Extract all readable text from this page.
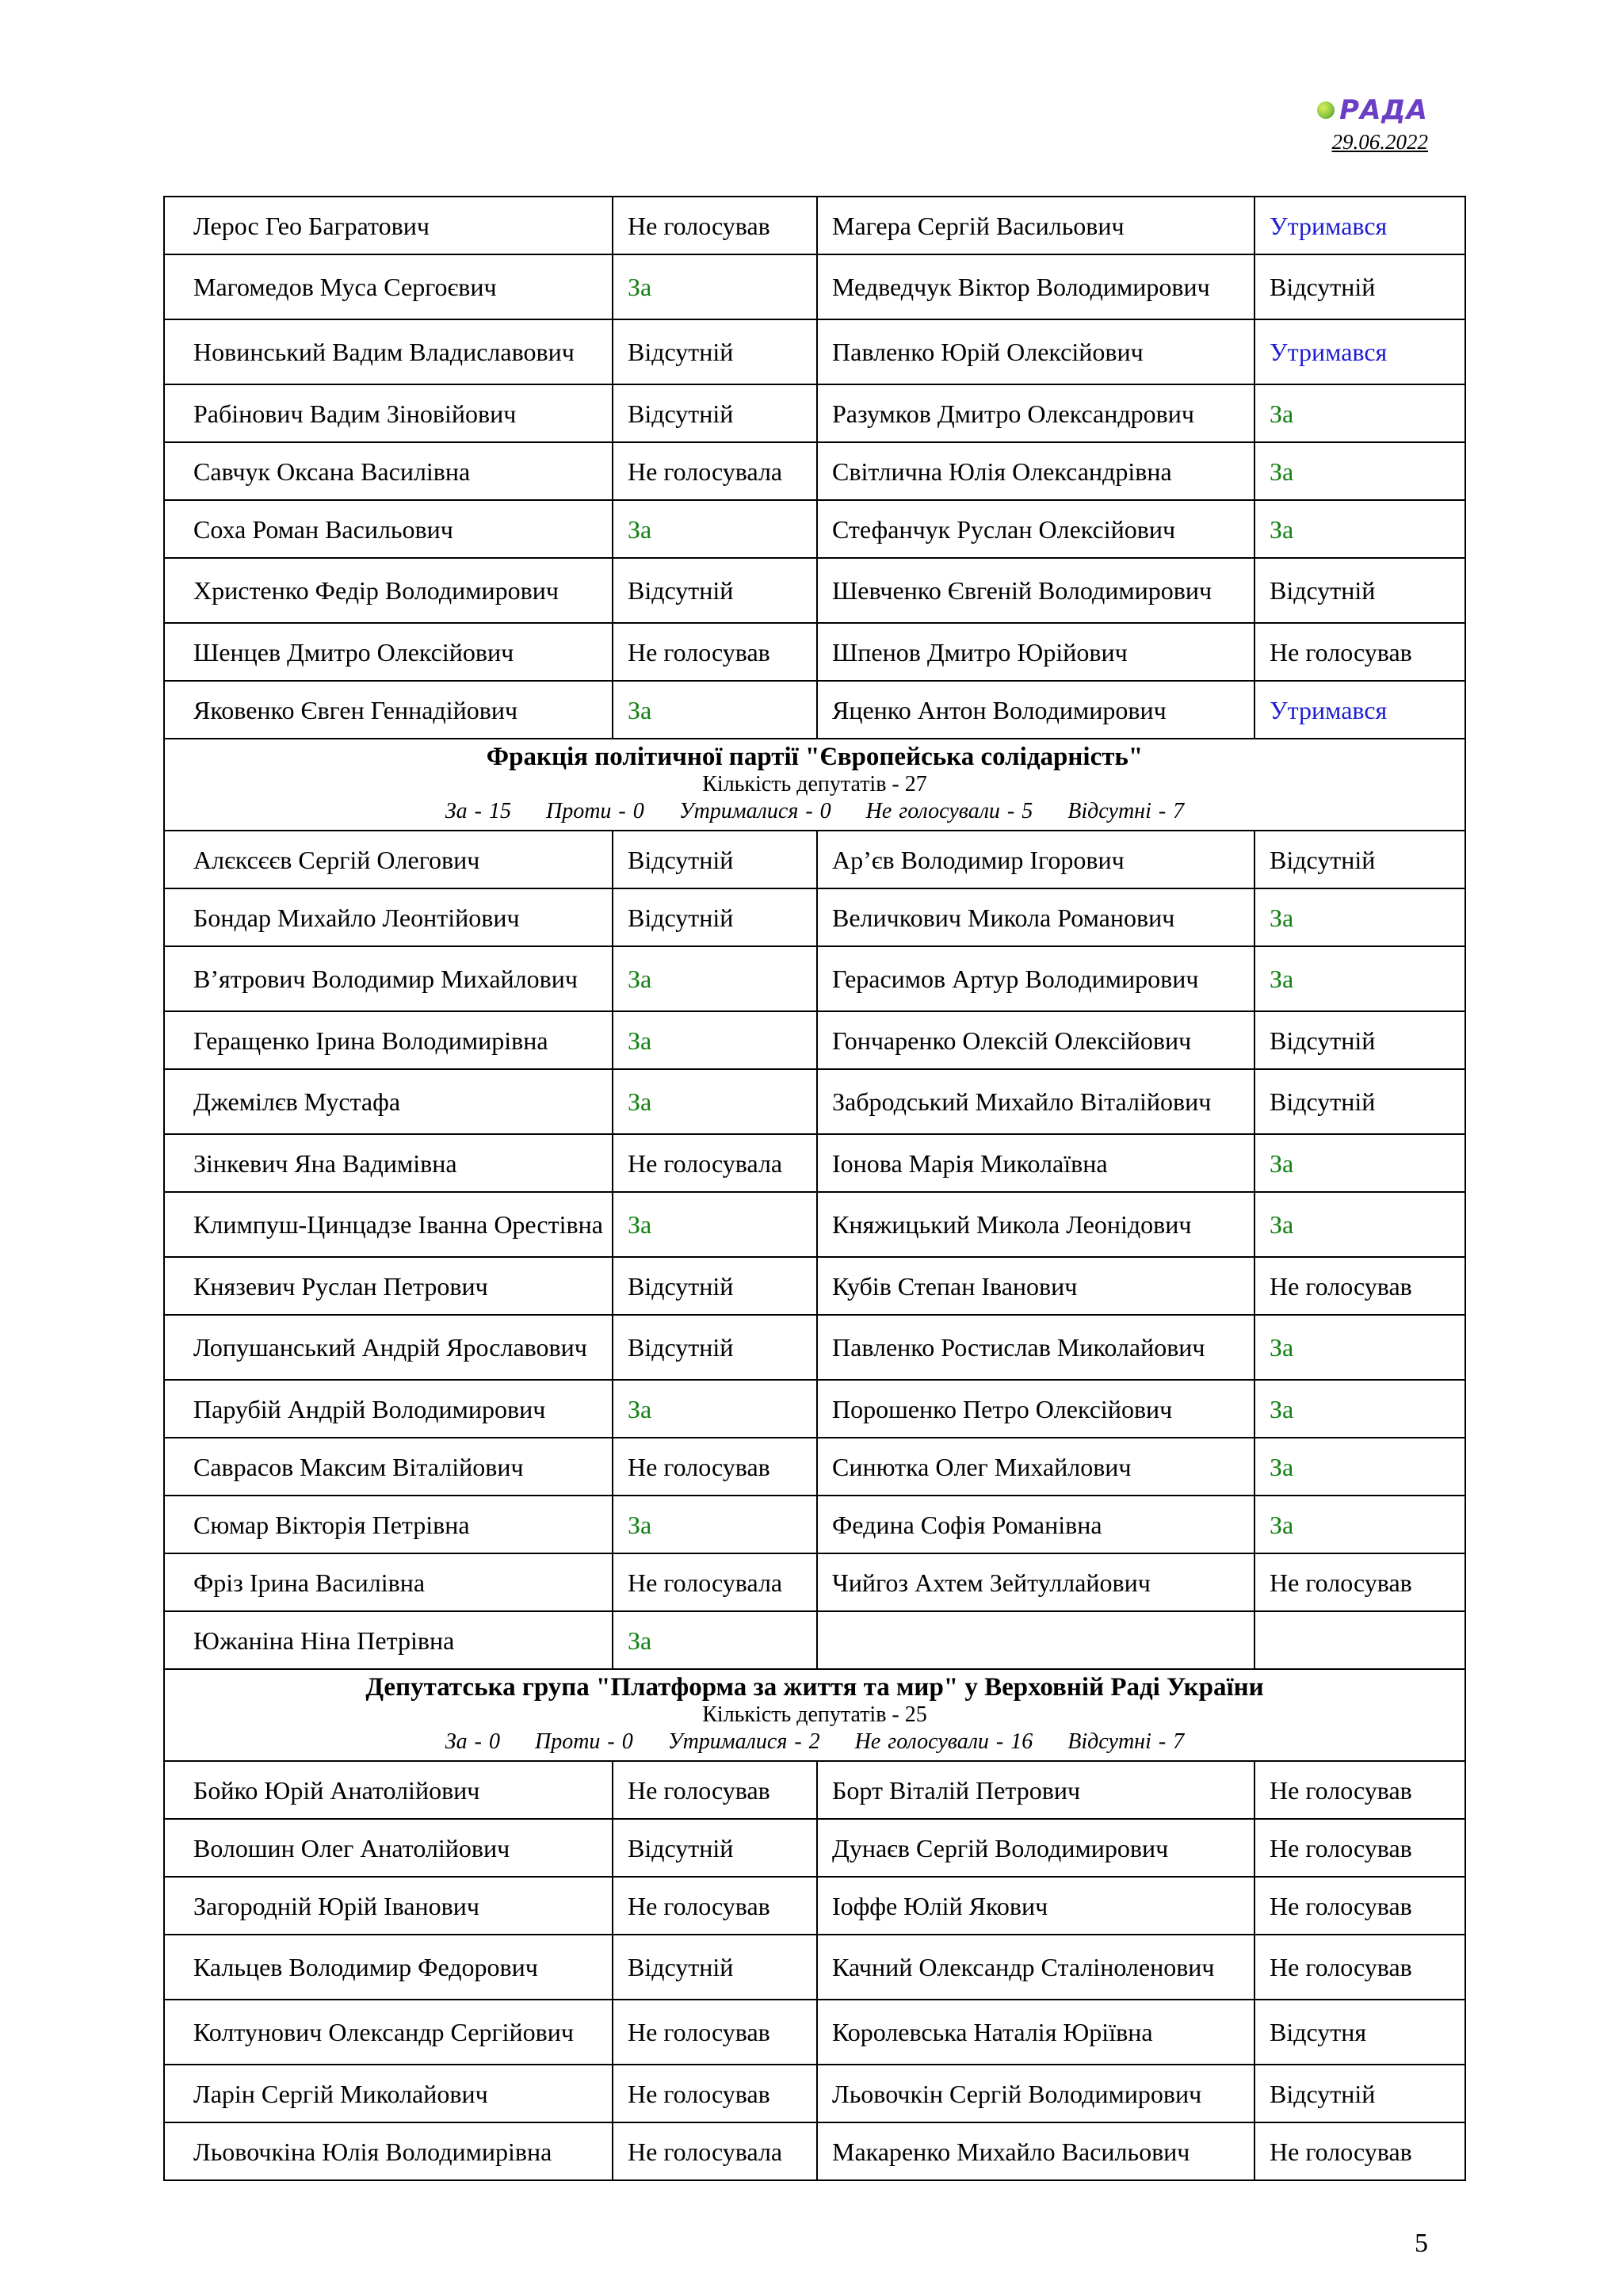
РАДА
29.06.2022
Лерос Гео Багратович	Не голосував	Магера Сергій Васильович	Утримався
Магомедов Муса Сергоєвич	За	Медведчук Віктор Володимирович	Відсутній
Новинський Вадим Владиславович	Відсутній	Павленко Юрій Олексійович	Утримався
Рабінович Вадим Зіновійович	Відсутній	Разумков Дмитро Олександрович	За
Савчук Оксана Василівна	Не голосувала	Світлична Юлія Олександрівна	За
Соха Роман Васильович	За	Стефанчук Руслан Олексійович	За
Христенко Федір Володимирович	Відсутній	Шевченко Євгеній Володимирович	Відсутній
Шенцев Дмитро Олексійович	Не голосував	Шпенов Дмитро Юрійович	Не голосував
Яковенко Євген Геннадійович	За	Яценко Антон Володимирович	Утримався

Фракція політичної партії "Європейська солідарність"
Кількість депутатів - 27
За - 15 Проти - 0 Утрималися - 0 Не голосували - 5 Відсутні - 7			

Алєксєєв Сергій Олегович	Відсутній	Ар’єв Володимир Ігорович	Відсутній
Бондар Михайло Леонтійович	Відсутній	Величкович Микола Романович	За
В’ятрович Володимир Михайлович	За	Герасимов Артур Володимирович	За
Геращенко Ірина Володимирівна	За	Гончаренко Олексій Олексійович	Відсутній
Джемілєв Мустафа	За	Забродський Михайло Віталійович	Відсутній
Зінкевич Яна Вадимівна	Не голосувала	Іонова Марія Миколаївна	За
Климпуш-Цинцадзе Іванна Орестівна	За	Княжицький Микола Леонідович	За
Князевич Руслан Петрович	Відсутній	Кубів Степан Іванович	Не голосував
Лопушанський Андрій Ярославович	Відсутній	Павленко Ростислав Миколайович	За
Парубій Андрій Володимирович	За	Порошенко Петро Олексійович	За
Саврасов Максим Віталійович	Не голосував	Синютка Олег Михайлович	За
Сюмар Вікторія Петрівна	За	Федина Софія Романівна	За
Фріз Ірина Василівна	Не голосувала	Чийгоз Ахтем Зейтуллайович	Не голосував
Южаніна Ніна Петрівна	За		

Депутатська група "Платформа за життя та мир" у Верховній Раді України
Кількість депутатів - 25
За - 0 Проти - 0 Утрималися - 2 Не голосували - 16 Відсутні - 7			

Бойко Юрій Анатолійович	Не голосував	Борт Віталій Петрович	Не голосував
Волошин Олег Анатолійович	Відсутній	Дунаєв Сергій Володимирович	Не голосував
Загородній Юрій Іванович	Не голосував	Іоффе Юлій Якович	Не голосував
Кальцев Володимир Федорович	Відсутній	Качний Олександр Сталіноленович	Не голосував
Колтунович Олександр Сергійович	Не голосував	Королевська Наталія Юріївна	Відсутня
Ларін Сергій Миколайович	Не голосував	Льовочкін Сергій Володимирович	Відсутній
Льовочкіна Юлія Володимирівна	Не голосувала	Макаренко Михайло Васильович	Не голосував
5
